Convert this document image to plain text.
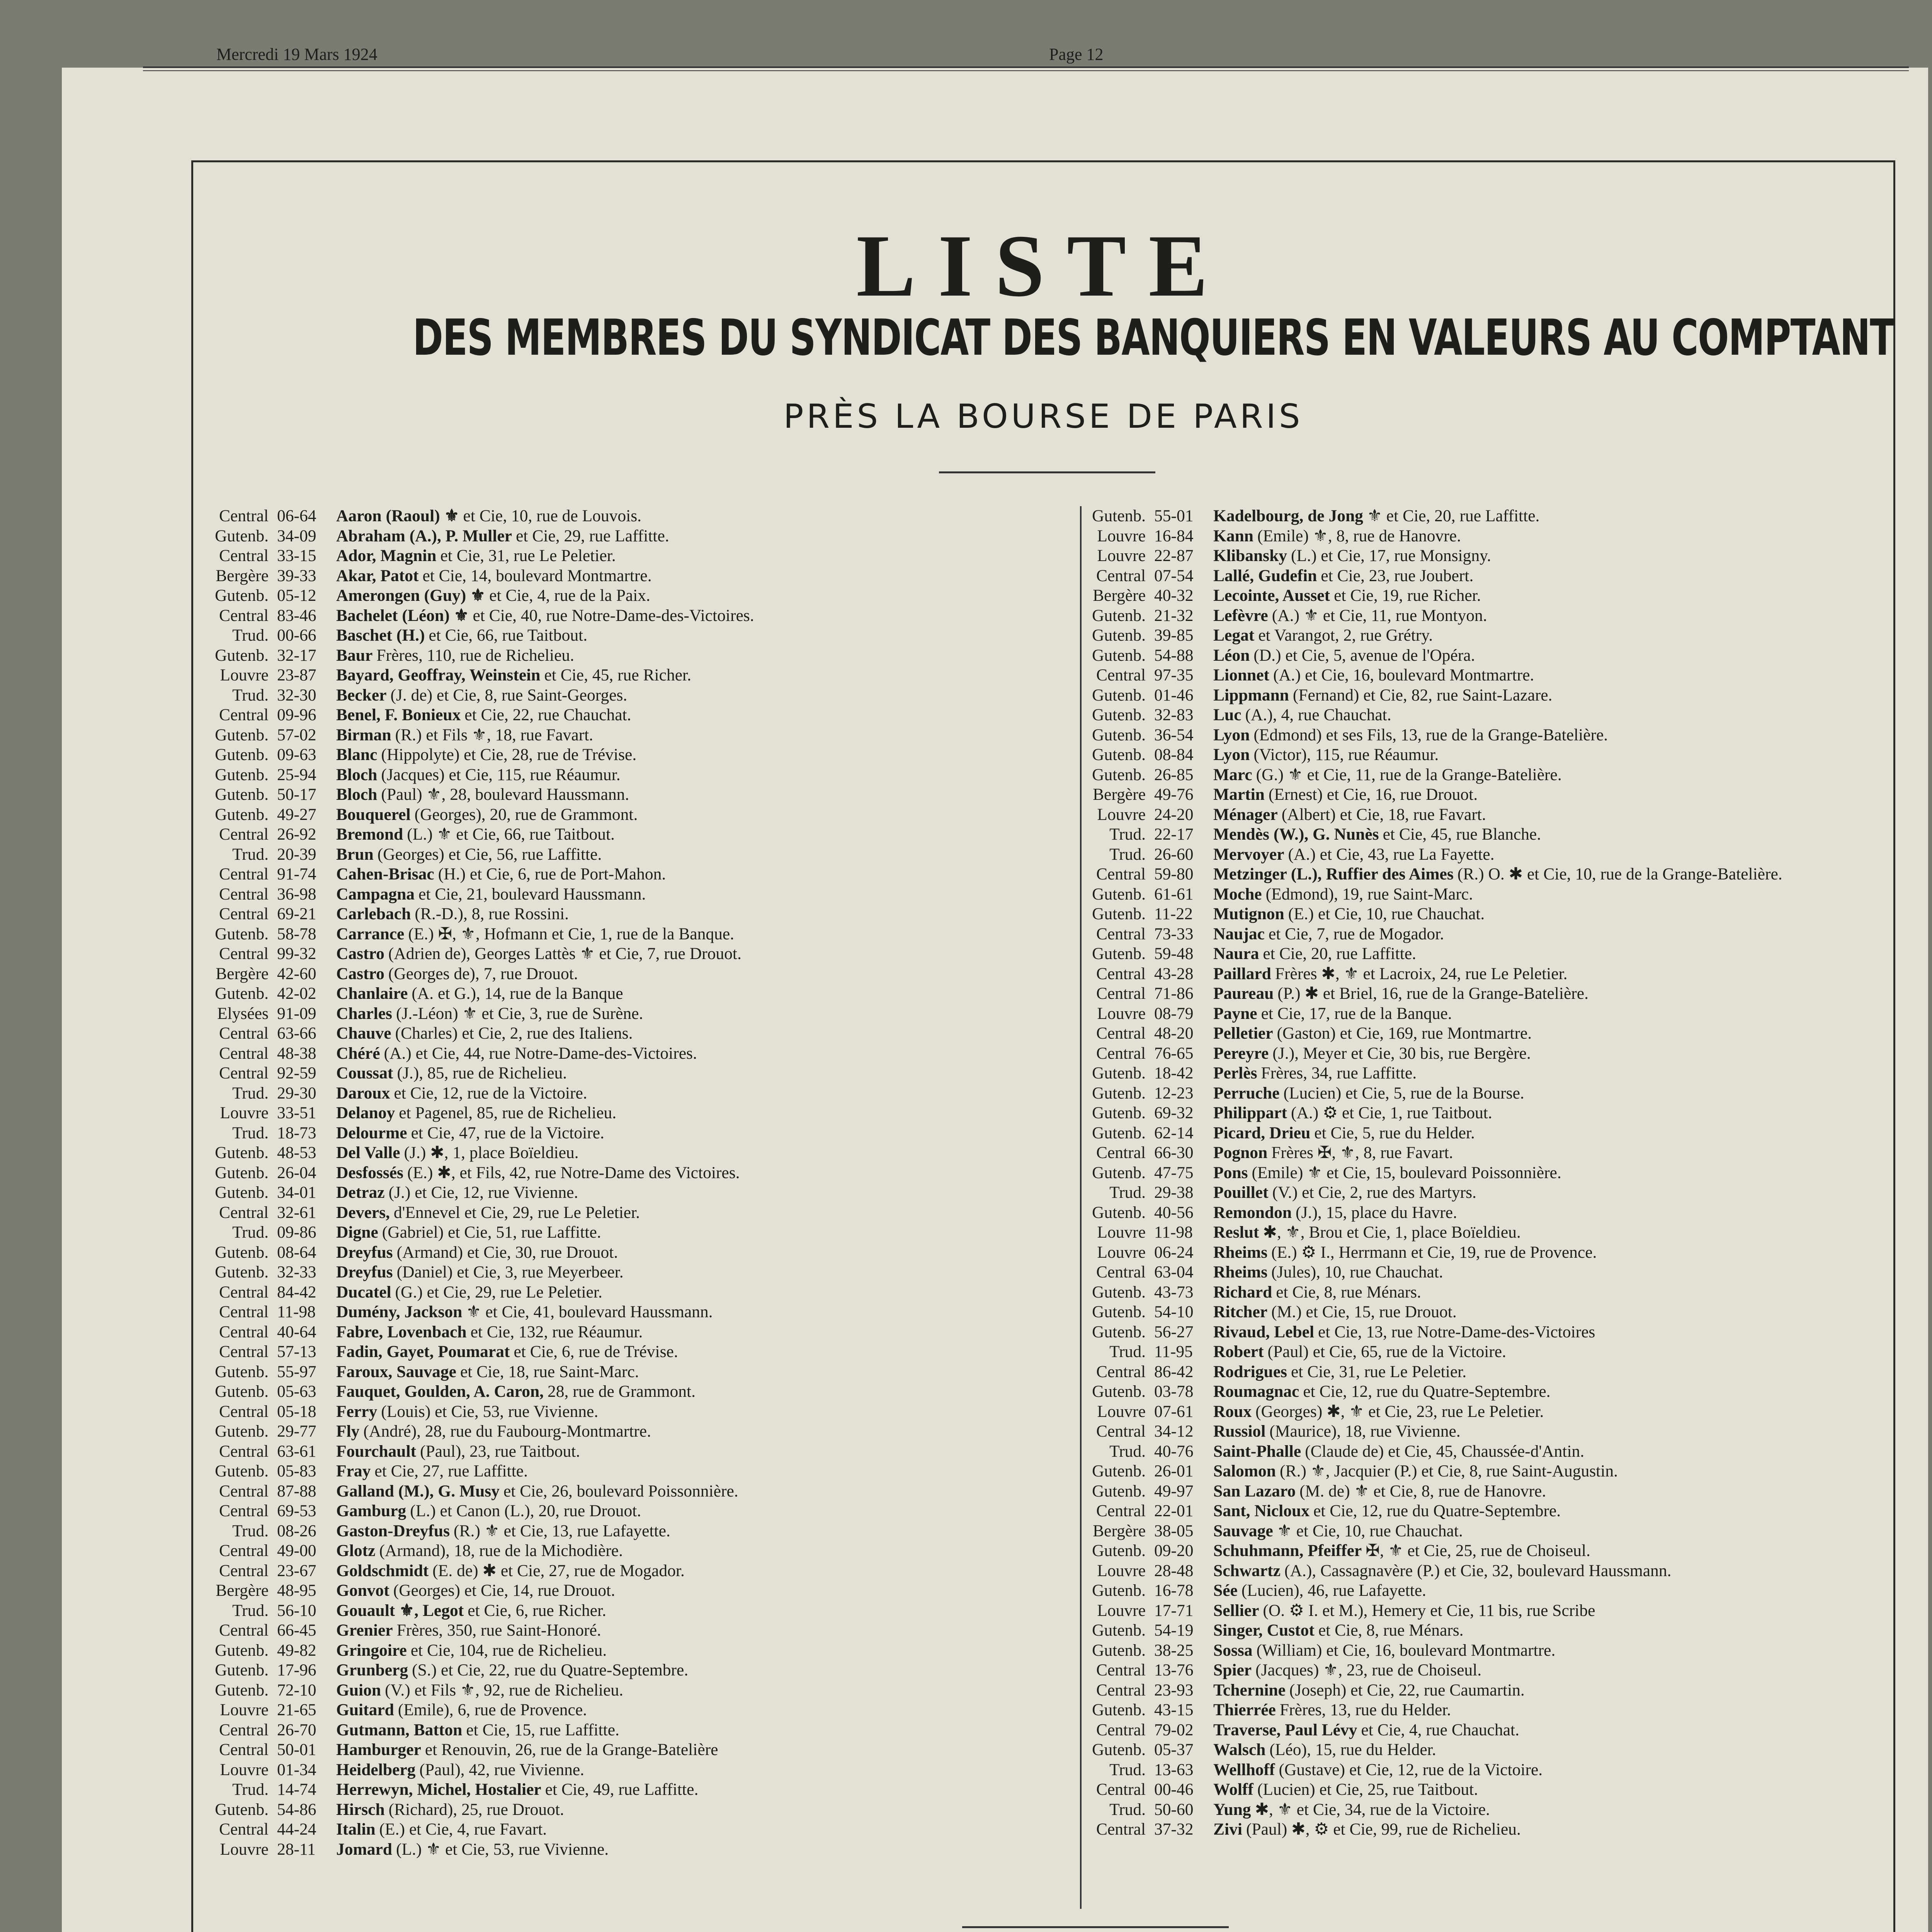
Mercredi 19 Mars 1924	Page 12
LISTE
DES MEMBRES DU SYNDICAT DES BANQUIERS EN VALEURS AU COMPTANT
PRÈS LA BOURSE DE PARIS
Central 06-64	Aaron (Raoul) ⚜ et Cie, 10, rue de Louvois.
Gutenb. 34-09	Abraham (A.), P. Muller et Cie, 29, rue Laffitte.
Central 33-15	Ador, Magnin et Cie, 31, rue Le Peletier.
Bergère 39-33	Akar, Patot et Cie, 14, boulevard Montmartre.
Gutenb. 05-12	Amerongen (Guy) ⚜ et Cie, 4, rue de la Paix.
Central 83-46	Bachelet (Léon) ⚜ et Cie, 40, rue Notre-Dame-des-Victoires.
Trud. 00-66	Baschet (H.) et Cie, 66, rue Taitbout.
Gutenb. 32-17	Baur Frères, 110, rue de Richelieu.
Louvre 23-87	Bayard, Geoffray, Weinstein et Cie, 45, rue Richer.
Trud. 32-30	Becker (J. de) et Cie, 8, rue Saint-Georges.
Central 09-96	Benel, F. Bonieux et Cie, 22, rue Chauchat.
Gutenb. 57-02	Birman (R.) et Fils ⚜, 18, rue Favart.
Gutenb. 09-63	Blanc (Hippolyte) et Cie, 28, rue de Trévise.
Gutenb. 25-94	Bloch (Jacques) et Cie, 115, rue Réaumur.
Gutenb. 50-17	Bloch (Paul) ⚜, 28, boulevard Haussmann.
Gutenb. 49-27	Bouquerel (Georges), 20, rue de Grammont.
Central 26-92	Bremond (L.) ⚜ et Cie, 66, rue Taitbout.
Trud. 20-39	Brun (Georges) et Cie, 56, rue Laffitte.
Central 91-74	Cahen-Brisac (H.) et Cie, 6, rue de Port-Mahon.
Central 36-98	Campagna et Cie, 21, boulevard Haussmann.
Central 69-21	Carlebach (R.-D.), 8, rue Rossini.
Gutenb. 58-78	Carrance (E.) ✠, ⚜, Hofmann et Cie, 1, rue de la Banque.
Central 99-32	Castro (Adrien de), Georges Lattès ⚜ et Cie, 7, rue Drouot.
Bergère 42-60	Castro (Georges de), 7, rue Drouot.
Gutenb. 42-02	Chanlaire (A. et G.), 14, rue de la Banque
Elysées 91-09	Charles (J.-Léon) ⚜ et Cie, 3, rue de Surène.
Central 63-66	Chauve (Charles) et Cie, 2, rue des Italiens.
Central 48-38	Chéré (A.) et Cie, 44, rue Notre-Dame-des-Victoires.
Central 92-59	Coussat (J.), 85, rue de Richelieu.
Trud. 29-30	Daroux et Cie, 12, rue de la Victoire.
Louvre 33-51	Delanoy et Pagenel, 85, rue de Richelieu.
Trud. 18-73	Delourme et Cie, 47, rue de la Victoire.
Gutenb. 48-53	Del Valle (J.) ✱, 1, place Boïeldieu.
Gutenb. 26-04	Desfossés (E.) ✱, et Fils, 42, rue Notre-Dame des Victoires.
Gutenb. 34-01	Detraz (J.) et Cie, 12, rue Vivienne.
Central 32-61	Devers, d'Ennevel et Cie, 29, rue Le Peletier.
Trud. 09-86	Digne (Gabriel) et Cie, 51, rue Laffitte.
Gutenb. 08-64	Dreyfus (Armand) et Cie, 30, rue Drouot.
Gutenb. 32-33	Dreyfus (Daniel) et Cie, 3, rue Meyerbeer.
Central 84-42	Ducatel (G.) et Cie, 29, rue Le Peletier.
Central 11-98	Dumény, Jackson ⚜ et Cie, 41, boulevard Haussmann.
Central 40-64	Fabre, Lovenbach et Cie, 132, rue Réaumur.
Central 57-13	Fadin, Gayet, Poumarat et Cie, 6, rue de Trévise.
Gutenb. 55-97	Faroux, Sauvage et Cie, 18, rue Saint-Marc.
Gutenb. 05-63	Fauquet, Goulden, A. Caron, 28, rue de Grammont.
Central 05-18	Ferry (Louis) et Cie, 53, rue Vivienne.
Gutenb. 29-77	Fly (André), 28, rue du Faubourg-Montmartre.
Central 63-61	Fourchault (Paul), 23, rue Taitbout.
Gutenb. 05-83	Fray et Cie, 27, rue Laffitte.
Central 87-88	Galland (M.), G. Musy et Cie, 26, boulevard Poissonnière.
Central 69-53	Gamburg (L.) et Canon (L.), 20, rue Drouot.
Trud. 08-26	Gaston-Dreyfus (R.) ⚜ et Cie, 13, rue Lafayette.
Central 49-00	Glotz (Armand), 18, rue de la Michodière.
Central 23-67	Goldschmidt (E. de) ✱ et Cie, 27, rue de Mogador.
Bergère 48-95	Gonvot (Georges) et Cie, 14, rue Drouot.
Trud. 56-10	Gouault ⚜, Legot et Cie, 6, rue Richer.
Central 66-45	Grenier Frères, 350, rue Saint-Honoré.
Gutenb. 49-82	Gringoire et Cie, 104, rue de Richelieu.
Gutenb. 17-96	Grunberg (S.) et Cie, 22, rue du Quatre-Septembre.
Gutenb. 72-10	Guion (V.) et Fils ⚜, 92, rue de Richelieu.
Louvre 21-65	Guitard (Emile), 6, rue de Provence.
Central 26-70	Gutmann, Batton et Cie, 15, rue Laffitte.
Central 50-01	Hamburger et Renouvin, 26, rue de la Grange-Batelière
Louvre 01-34	Heidelberg (Paul), 42, rue Vivienne.
Trud. 14-74	Herrewyn, Michel, Hostalier et Cie, 49, rue Laffitte.
Gutenb. 54-86	Hirsch (Richard), 25, rue Drouot.
Central 44-24	Italin (E.) et Cie, 4, rue Favart.
Louvre 28-11	Jomard (L.) ⚜ et Cie, 53, rue Vivienne.
Gutenb. 55-01	Kadelbourg, de Jong ⚜ et Cie, 20, rue Laffitte.
Louvre 16-84	Kann (Emile) ⚜, 8, rue de Hanovre.
Louvre 22-87	Klibansky (L.) et Cie, 17, rue Monsigny.
Central 07-54	Lallé, Gudefin et Cie, 23, rue Joubert.
Bergère 40-32	Lecointe, Ausset et Cie, 19, rue Richer.
Gutenb. 21-32	Lefèvre (A.) ⚜ et Cie, 11, rue Montyon.
Gutenb. 39-85	Legat et Varangot, 2, rue Grétry.
Gutenb. 54-88	Léon (D.) et Cie, 5, avenue de l'Opéra.
Central 97-35	Lionnet (A.) et Cie, 16, boulevard Montmartre.
Gutenb. 01-46	Lippmann (Fernand) et Cie, 82, rue Saint-Lazare.
Gutenb. 32-83	Luc (A.), 4, rue Chauchat.
Gutenb. 36-54	Lyon (Edmond) et ses Fils, 13, rue de la Grange-Batelière.
Gutenb. 08-84	Lyon (Victor), 115, rue Réaumur.
Gutenb. 26-85	Marc (G.) ⚜ et Cie, 11, rue de la Grange-Batelière.
Bergère 49-76	Martin (Ernest) et Cie, 16, rue Drouot.
Louvre 24-20	Ménager (Albert) et Cie, 18, rue Favart.
Trud. 22-17	Mendès (W.), G. Nunès et Cie, 45, rue Blanche.
Trud. 26-60	Mervoyer (A.) et Cie, 43, rue La Fayette.
Central 59-80	Metzinger (L.), Ruffier des Aimes (R.) O. ✱ et Cie, 10, rue de la Grange-Batelière.
Gutenb. 61-61	Moche (Edmond), 19, rue Saint-Marc.
Gutenb. 11-22	Mutignon (E.) et Cie, 10, rue Chauchat.
Central 73-33	Naujac et Cie, 7, rue de Mogador.
Gutenb. 59-48	Naura et Cie, 20, rue Laffitte.
Central 43-28	Paillard Frères ✱, ⚜ et Lacroix, 24, rue Le Peletier.
Central 71-86	Paureau (P.) ✱ et Briel, 16, rue de la Grange-Batelière.
Louvre 08-79	Payne et Cie, 17, rue de la Banque.
Central 48-20	Pelletier (Gaston) et Cie, 169, rue Montmartre.
Central 76-65	Pereyre (J.), Meyer et Cie, 30 bis, rue Bergère.
Gutenb. 18-42	Perlès Frères, 34, rue Laffitte.
Gutenb. 12-23	Perruche (Lucien) et Cie, 5, rue de la Bourse.
Gutenb. 69-32	Philippart (A.) ⚙ et Cie, 1, rue Taitbout.
Gutenb. 62-14	Picard, Drieu et Cie, 5, rue du Helder.
Central 66-30	Pognon Frères ✠, ⚜, 8, rue Favart.
Gutenb. 47-75	Pons (Emile) ⚜ et Cie, 15, boulevard Poissonnière.
Trud. 29-38	Pouillet (V.) et Cie, 2, rue des Martyrs.
Gutenb. 40-56	Remondon (J.), 15, place du Havre.
Louvre 11-98	Reslut ✱, ⚜, Brou et Cie, 1, place Boïeldieu.
Louvre 06-24	Rheims (E.) ⚙ I., Herrmann et Cie, 19, rue de Provence.
Central 63-04	Rheims (Jules), 10, rue Chauchat.
Gutenb. 43-73	Richard et Cie, 8, rue Ménars.
Gutenb. 54-10	Ritcher (M.) et Cie, 15, rue Drouot.
Gutenb. 56-27	Rivaud, Lebel et Cie, 13, rue Notre-Dame-des-Victoires
Trud. 11-95	Robert (Paul) et Cie, 65, rue de la Victoire.
Central 86-42	Rodrigues et Cie, 31, rue Le Peletier.
Gutenb. 03-78	Roumagnac et Cie, 12, rue du Quatre-Septembre.
Louvre 07-61	Roux (Georges) ✱, ⚜ et Cie, 23, rue Le Peletier.
Central 34-12	Russiol (Maurice), 18, rue Vivienne.
Trud. 40-76	Saint-Phalle (Claude de) et Cie, 45, Chaussée-d'Antin.
Gutenb. 26-01	Salomon (R.) ⚜, Jacquier (P.) et Cie, 8, rue Saint-Augustin.
Gutenb. 49-97	San Lazaro (M. de) ⚜ et Cie, 8, rue de Hanovre.
Central 22-01	Sant, Nicloux et Cie, 12, rue du Quatre-Septembre.
Bergère 38-05	Sauvage ⚜ et Cie, 10, rue Chauchat.
Gutenb. 09-20	Schuhmann, Pfeiffer ✠, ⚜ et Cie, 25, rue de Choiseul.
Louvre 28-48	Schwartz (A.), Cassagnavère (P.) et Cie, 32, boulevard Haussmann.
Gutenb. 16-78	Sée (Lucien), 46, rue Lafayette.
Louvre 17-71	Sellier (O. ⚙ I. et M.), Hemery et Cie, 11 bis, rue Scribe
Gutenb. 54-19	Singer, Custot et Cie, 8, rue Ménars.
Gutenb. 38-25	Sossa (William) et Cie, 16, boulevard Montmartre.
Central 13-76	Spier (Jacques) ⚜, 23, rue de Choiseul.
Central 23-93	Tchernine (Joseph) et Cie, 22, rue Caumartin.
Gutenb. 43-15	Thierrée Frères, 13, rue du Helder.
Central 79-02	Traverse, Paul Lévy et Cie, 4, rue Chauchat.
Gutenb. 05-37	Walsch (Léo), 15, rue du Helder.
Trud. 13-63	Wellhoff (Gustave) et Cie, 12, rue de la Victoire.
Central 00-46	Wolff (Lucien) et Cie, 25, rue Taitbout.
Trud. 50-60	Yung ✱, ⚜ et Cie, 34, rue de la Victoire.
Central 37-32	Zivi (Paul) ✱, ⚙ et Cie, 99, rue de Richelieu.
